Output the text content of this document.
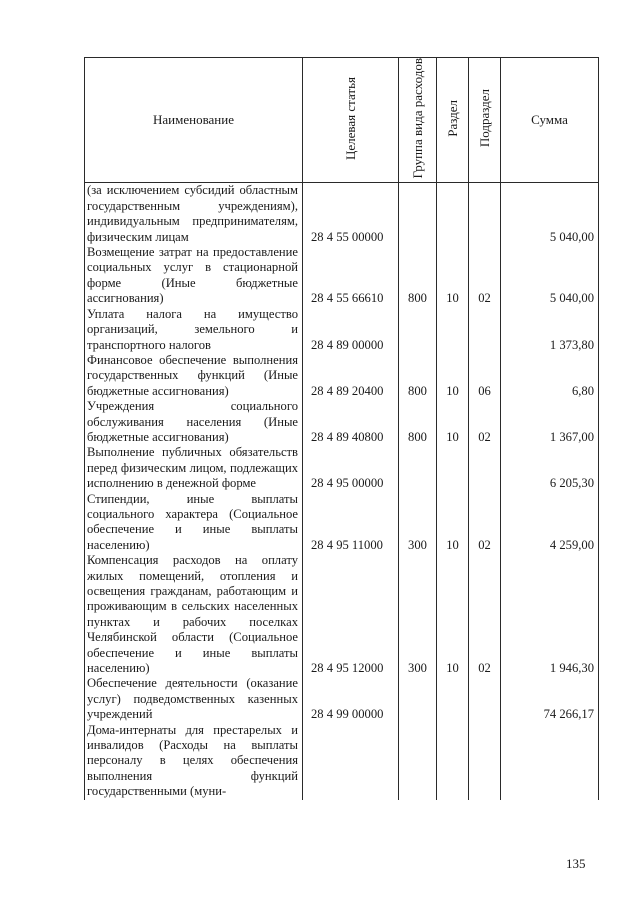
Наименование	Целевая статья	Группа вида расходов	Раздел	Подраздел	Сумма

(за исключением субсидий областным государственным учреждениям), индивидуальным предпринимателям, физическим лицам	28 4 55 00000				5 040,00

Возмещение затрат на предоставление социальных услуг в стационарной форме (Иные бюджетные ассигнования)	28 4 55 66610	800	10	02	5 040,00

Уплата налога на имущество организаций, земельного и транспортного налогов	28 4 89 00000				1 373,80

Финансовое обеспечение выполнения государственных функций (Иные бюджетные ассигнования)	28 4 89 20400	800	10	06	6,80

Учреждения социального обслуживания населения (Иные бюджетные ассигнования)	28 4 89 40800	800	10	02	1 367,00

Выполнение публичных обязательств перед физическим лицом, подлежащих исполнению в денежной форме	28 4 95 00000				6 205,30

Стипендии, иные выплаты социального характера (Социальное обеспечение и иные выплаты населению)	28 4 95 11000	300	10	02	4 259,00

Компенсация расходов на оплату жилых помещений, отопления и освещения гражданам, работающим и проживающим в сельских населенных пунктах и рабочих поселках Челябинской области (Социальное обеспечение и иные выплаты населению)	28 4 95 12000	300	10	02	1 946,30

Обеспечение деятельности (оказание услуг) подведомственных казенных учреждений	28 4 99 00000				74 266,17

Дома-интернаты для престарелых и инвалидов (Расходы на выплаты персоналу в целях обеспечения выполнения функций государственными (муни-					

135
